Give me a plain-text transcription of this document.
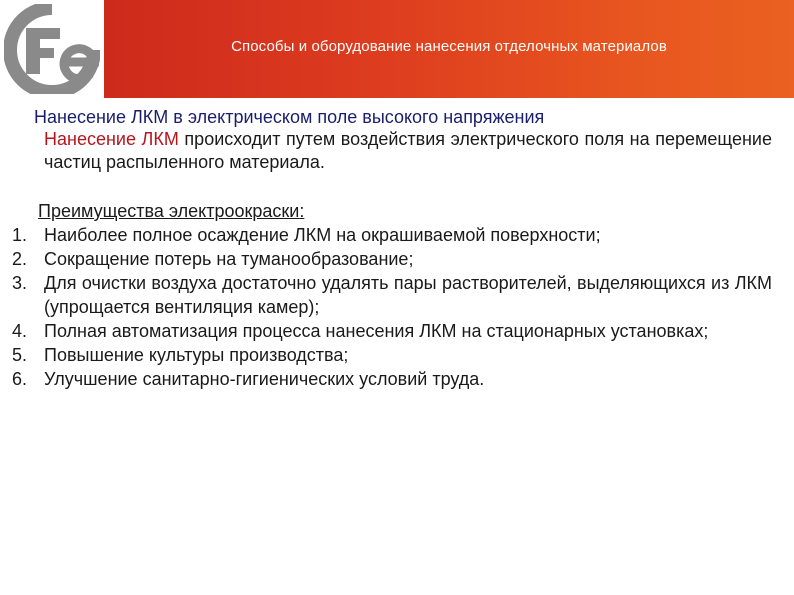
Способы и оборудование нанесения отделочных материалов
Нанесение ЛКМ в электрическом поле высокого напряжения
Нанесение ЛКМ происходит путем воздействия электрического поля на перемещение частиц распыленного материала.
Преимущества электроокраски:
1. Наиболее полное осаждение ЛКМ на окрашиваемой поверхности;
2. Сокращение потерь на туманообразование;
3. Для очистки воздуха достаточно удалять пары растворителей, выделяющихся из ЛКМ (упрощается вентиляция камер);
4. Полная автоматизация процесса нанесения ЛКМ на стационарных установках;
5. Повышение культуры производства;
6. Улучшение санитарно-гигиенических условий труда.
